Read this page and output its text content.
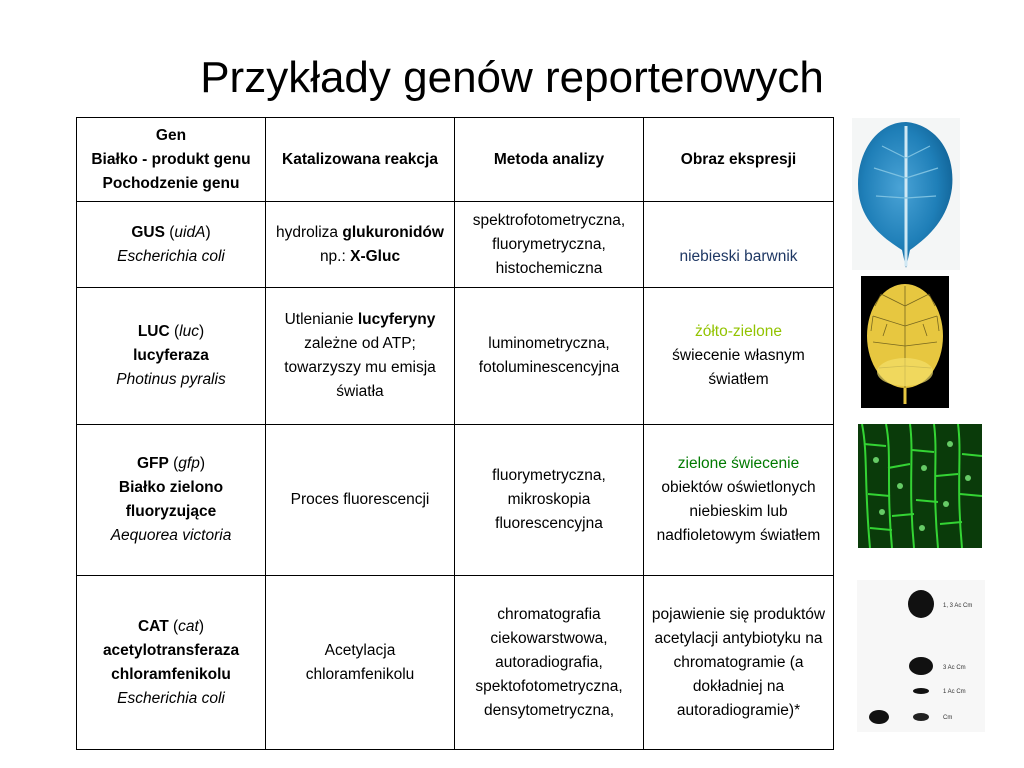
Przykłady genów reporterowych
Gen
Białko - produkt genu
Pochodzenie genu	Katalizowana reakcja	Metoda analizy	Obraz ekspresji

GUS (uidA)
Escherichia coli	hydroliza glukuronidów np.: X-Gluc	spektrofotometryczna, fluorymetryczna, histochemiczna	niebieski barwnik

LUC (luc)
lucyferaza
Photinus pyralis	Utlenianie lucyferyny zależne od ATP; towarzyszy mu emisja światła	luminometryczna, fotoluminescencyjna	żółto-zielone
świecenie własnym światłem

GFP (gfp)
Białko zielono fluoryzujące
Aequorea victoria	Proces fluorescencji	fluorymetryczna, mikroskopia fluorescencyjna	zielone świecenie
obiektów oświetlonych niebieskim lub nadfioletowym światłem

CAT (cat)
acetylotransferaza chloramfenikolu
Escherichia coli	Acetylacja chloramfenikolu	chromatografia ciekowarstwowa, autoradiografia, spektofotometryczna, densytometryczna,	pojawienie się produktów acetylacji antybiotyku na chromatogramie (a dokładniej na autoradiogramie)*
1, 3 Ac Cm
3 Ac Cm
1 Ac Cm
Cm
